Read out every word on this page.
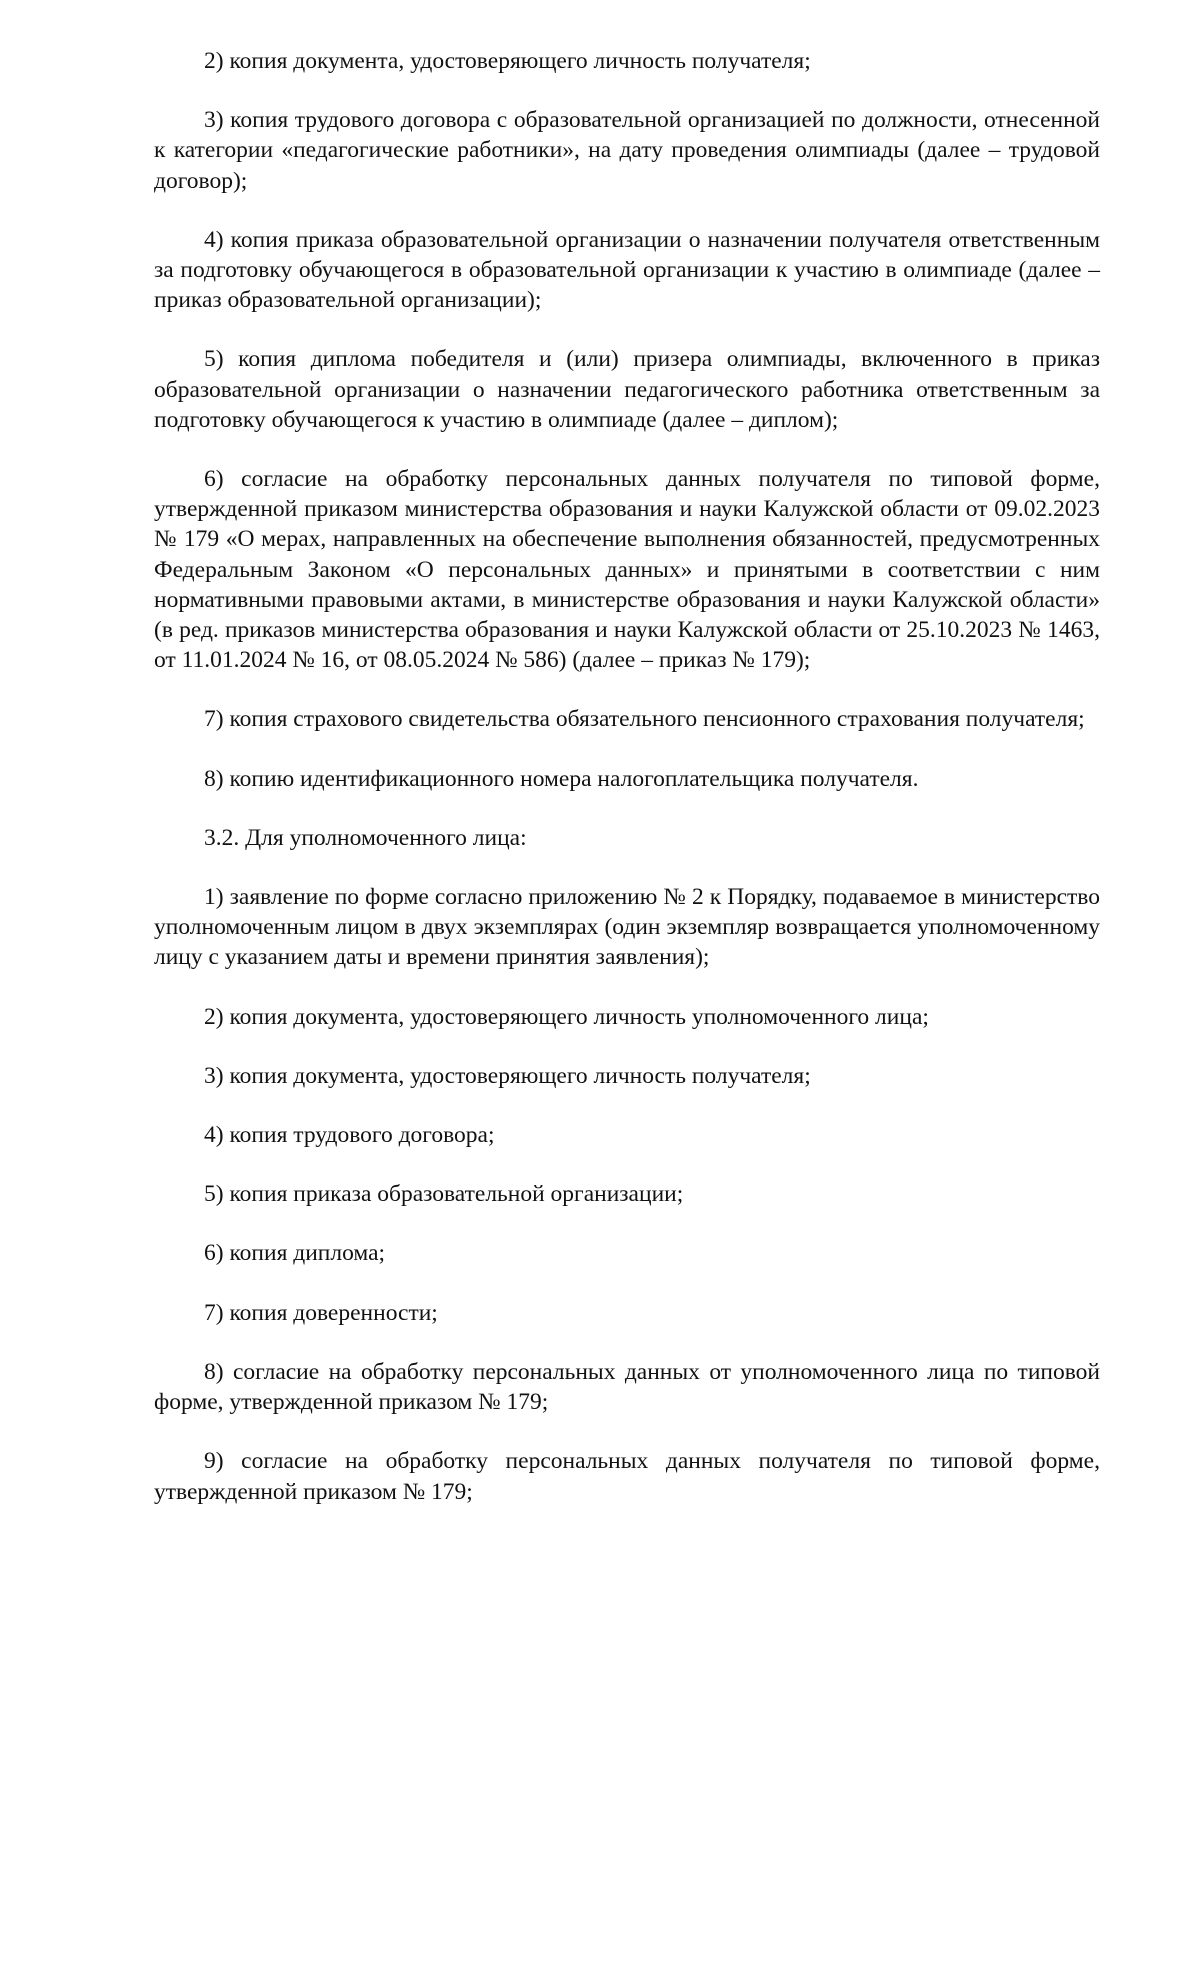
2) копия документа, удостоверяющего личность получателя;

3) копия трудового договора с образовательной организацией по должности, отнесенной к категории «педагогические работники», на дату проведения олимпиады (далее – трудовой договор);

4) копия приказа образовательной организации о назначении получателя ответственным за подготовку обучающегося в образовательной организации к участию в олимпиаде (далее – приказ образовательной организации);

5) копия диплома победителя и (или) призера олимпиады, включенного в приказ образовательной организации о назначении педагогического работника ответственным за подготовку обучающегося к участию в олимпиаде (далее – диплом);

6) согласие на обработку персональных данных получателя по типовой форме, утвержденной приказом министерства образования и науки Калужской области от 09.02.2023 № 179 «О мерах, направленных на обеспечение выполнения обязанностей, предусмотренных Федеральным Законом «О персональных данных» и принятыми в соответствии с ним нормативными правовыми актами, в министерстве образования и науки Калужской области» (в ред. приказов министерства образования и науки Калужской области от 25.10.2023 № 1463, от 11.01.2024 № 16, от 08.05.2024 № 586) (далее – приказ № 179);

7) копия страхового свидетельства обязательного пенсионного страхования получателя;

8) копию идентификационного номера налогоплательщика получателя.

3.2. Для уполномоченного лица:

1) заявление по форме согласно приложению № 2 к Порядку, подаваемое в министерство уполномоченным лицом в двух экземплярах (один экземпляр возвращается уполномоченному лицу с указанием даты и времени принятия заявления);

2) копия документа, удостоверяющего личность уполномоченного лица;

3) копия документа, удостоверяющего личность получателя;

4) копия трудового договора;

5) копия приказа образовательной организации;

6) копия диплома;

7) копия доверенности;

8) согласие на обработку персональных данных от уполномоченного лица по типовой форме, утвержденной приказом № 179;

9) согласие на обработку персональных данных получателя по типовой форме, утвержденной приказом № 179;
